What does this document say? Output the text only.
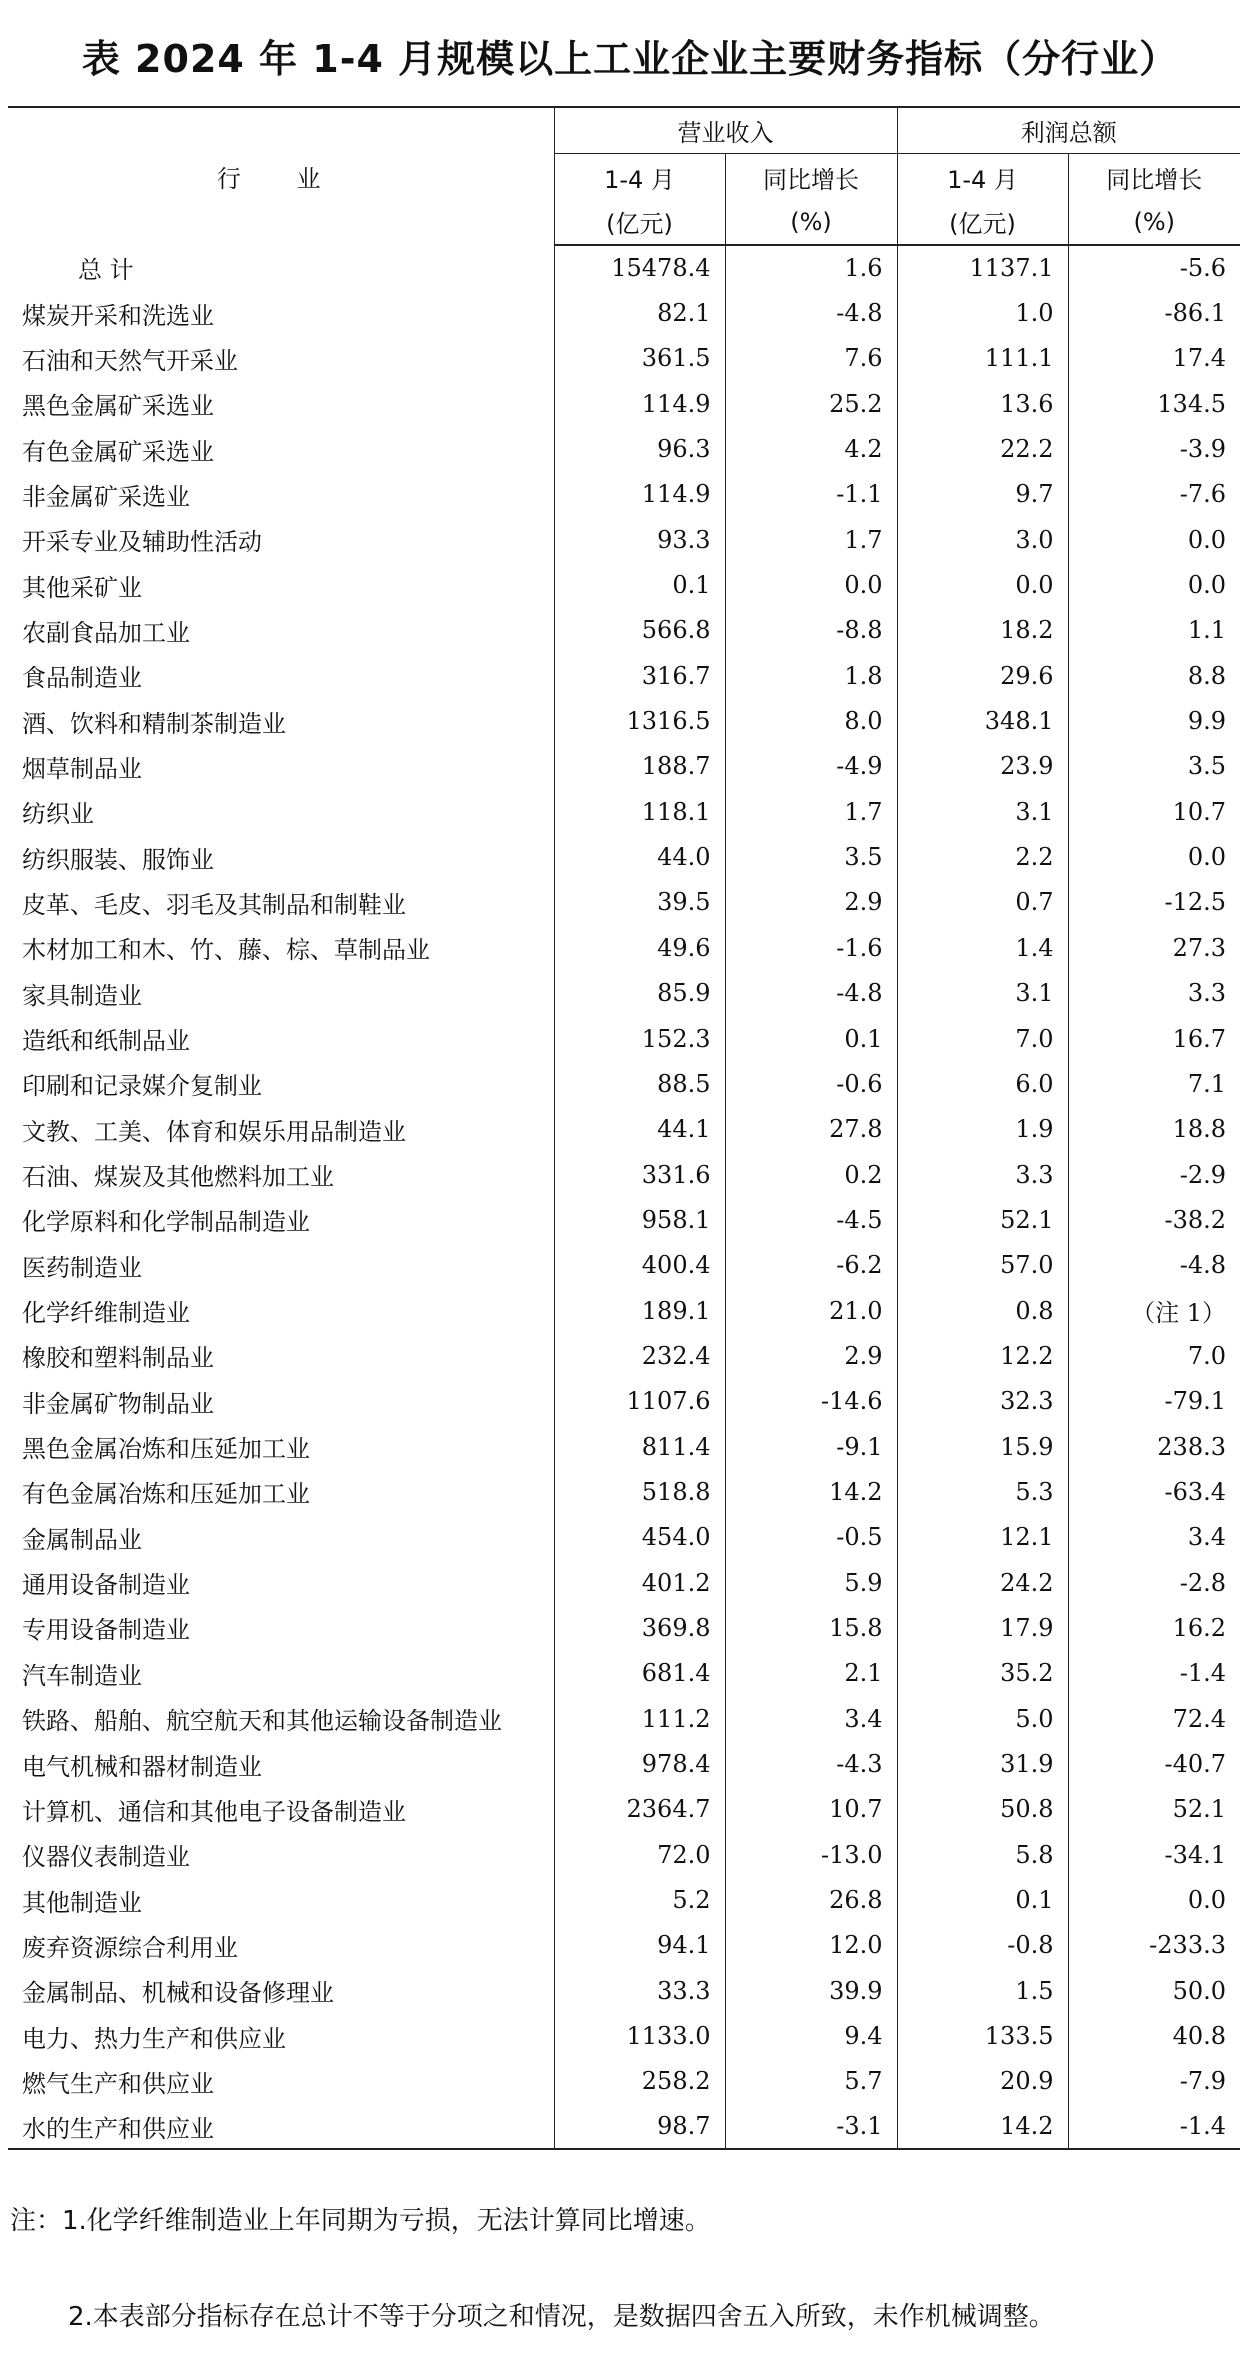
表 2024 年 1-4 月规模以上工业企业主要财务指标（分行业）
行 业	营业收入		利润总额	
	1-4 月	同比增长	1-4 月	同比增长
	(亿元)	(%)	(亿元)	(%)
总 计	15478.4	1.6	1137.1	-5.6
煤炭开采和洗选业	82.1	-4.8	1.0	-86.1
石油和天然气开采业	361.5	7.6	111.1	17.4
黑色金属矿采选业	114.9	25.2	13.6	134.5
有色金属矿采选业	96.3	4.2	22.2	-3.9
非金属矿采选业	114.9	-1.1	9.7	-7.6
开采专业及辅助性活动	93.3	1.7	3.0	0.0
其他采矿业	0.1	0.0	0.0	0.0
农副食品加工业	566.8	-8.8	18.2	1.1
食品制造业	316.7	1.8	29.6	8.8
酒、饮料和精制茶制造业	1316.5	8.0	348.1	9.9
烟草制品业	188.7	-4.9	23.9	3.5
纺织业	118.1	1.7	3.1	10.7
纺织服装、服饰业	44.0	3.5	2.2	0.0
皮革、毛皮、羽毛及其制品和制鞋业	39.5	2.9	0.7	-12.5
木材加工和木、竹、藤、棕、草制品业	49.6	-1.6	1.4	27.3
家具制造业	85.9	-4.8	3.1	3.3
造纸和纸制品业	152.3	0.1	7.0	16.7
印刷和记录媒介复制业	88.5	-0.6	6.0	7.1
文教、工美、体育和娱乐用品制造业	44.1	27.8	1.9	18.8
石油、煤炭及其他燃料加工业	331.6	0.2	3.3	-2.9
化学原料和化学制品制造业	958.1	-4.5	52.1	-38.2
医药制造业	400.4	-6.2	57.0	-4.8
化学纤维制造业	189.1	21.0	0.8	（注 1）
橡胶和塑料制品业	232.4	2.9	12.2	7.0
非金属矿物制品业	1107.6	-14.6	32.3	-79.1
黑色金属冶炼和压延加工业	811.4	-9.1	15.9	238.3
有色金属冶炼和压延加工业	518.8	14.2	5.3	-63.4
金属制品业	454.0	-0.5	12.1	3.4
通用设备制造业	401.2	5.9	24.2	-2.8
专用设备制造业	369.8	15.8	17.9	16.2
汽车制造业	681.4	2.1	35.2	-1.4
铁路、船舶、航空航天和其他运输设备制造业	111.2	3.4	5.0	72.4
电气机械和器材制造业	978.4	-4.3	31.9	-40.7
计算机、通信和其他电子设备制造业	2364.7	10.7	50.8	52.1
仪器仪表制造业	72.0	-13.0	5.8	-34.1
其他制造业	5.2	26.8	0.1	0.0
废弃资源综合利用业	94.1	12.0	-0.8	-233.3
金属制品、机械和设备修理业	33.3	39.9	1.5	50.0
电力、热力生产和供应业	1133.0	9.4	133.5	40.8
燃气生产和供应业	258.2	5.7	20.9	-7.9
水的生产和供应业	98.7	-3.1	14.2	-1.4
注：1.化学纤维制造业上年同期为亏损，无法计算同比增速。
2.本表部分指标存在总计不等于分项之和情况，是数据四舍五入所致，未作机械调整。
